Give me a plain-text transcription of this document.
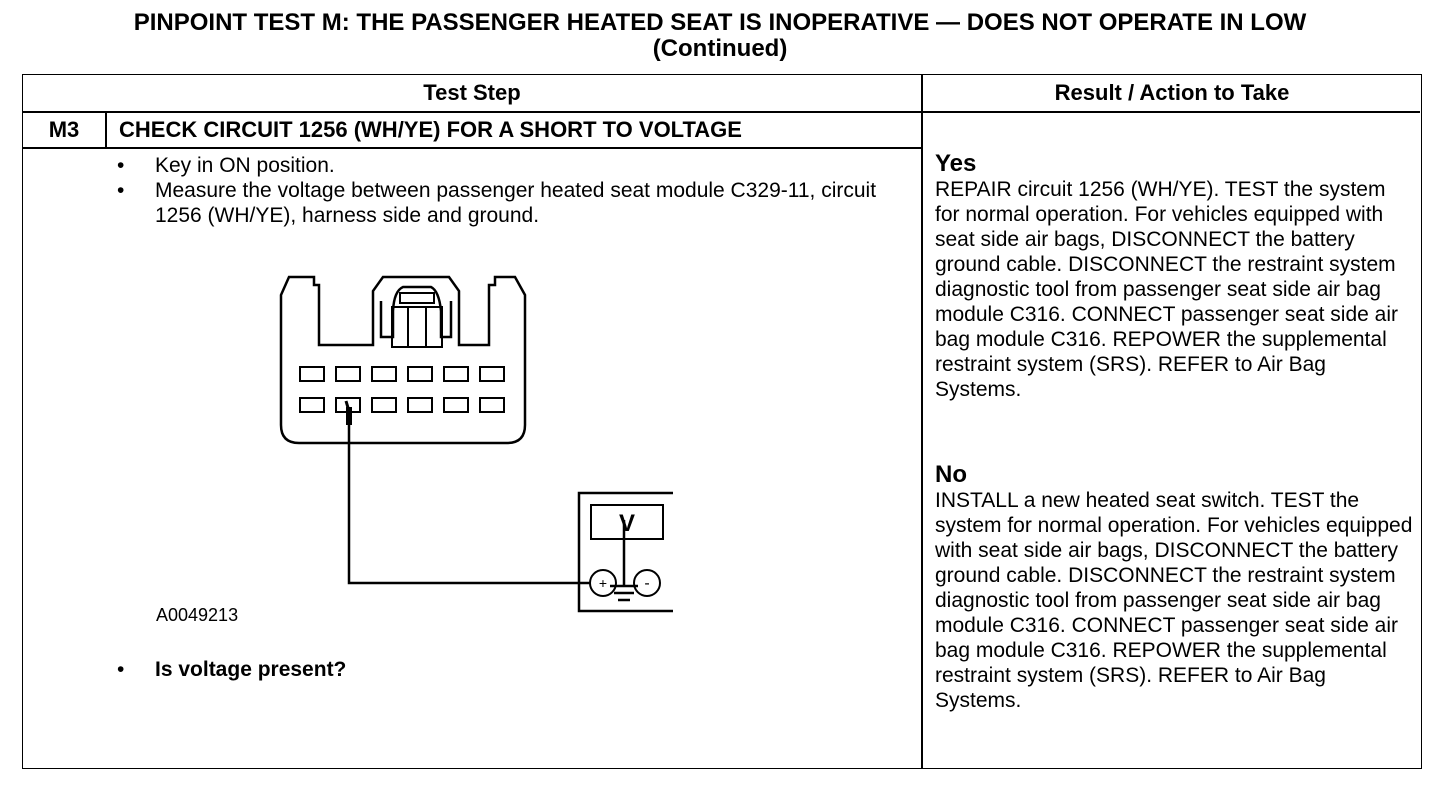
PINPOINT TEST M: THE PASSENGER HEATED SEAT IS INOPERATIVE — DOES NOT OPERATE IN LOW
(Continued)
Test Step	Result / Action to Take
M3	CHECK CIRCUIT 1256 (WH/YE) FOR A SHORT TO VOLTAGE
• Key in ON position.
• Measure the voltage between passenger heated seat module C329-11, circuit 1256 (WH/YE), harness side and ground.
V
+ -
A0049213
• Is voltage present?
Yes
REPAIR circuit 1256 (WH/YE). TEST the system for normal operation. For vehicles equipped with seat side air bags, DISCONNECT the battery ground cable. DISCONNECT the restraint system diagnostic tool from passenger seat side air bag module C316. CONNECT passenger seat side air bag module C316. REPOWER the supplemental restraint system (SRS). REFER to Air Bag Systems.
No
INSTALL a new heated seat switch. TEST the system for normal operation. For vehicles equipped with seat side air bags, DISCONNECT the battery ground cable. DISCONNECT the restraint system diagnostic tool from passenger seat side air bag module C316. CONNECT passenger seat side air bag module C316. REPOWER the supplemental restraint system (SRS). REFER to Air Bag Systems.
